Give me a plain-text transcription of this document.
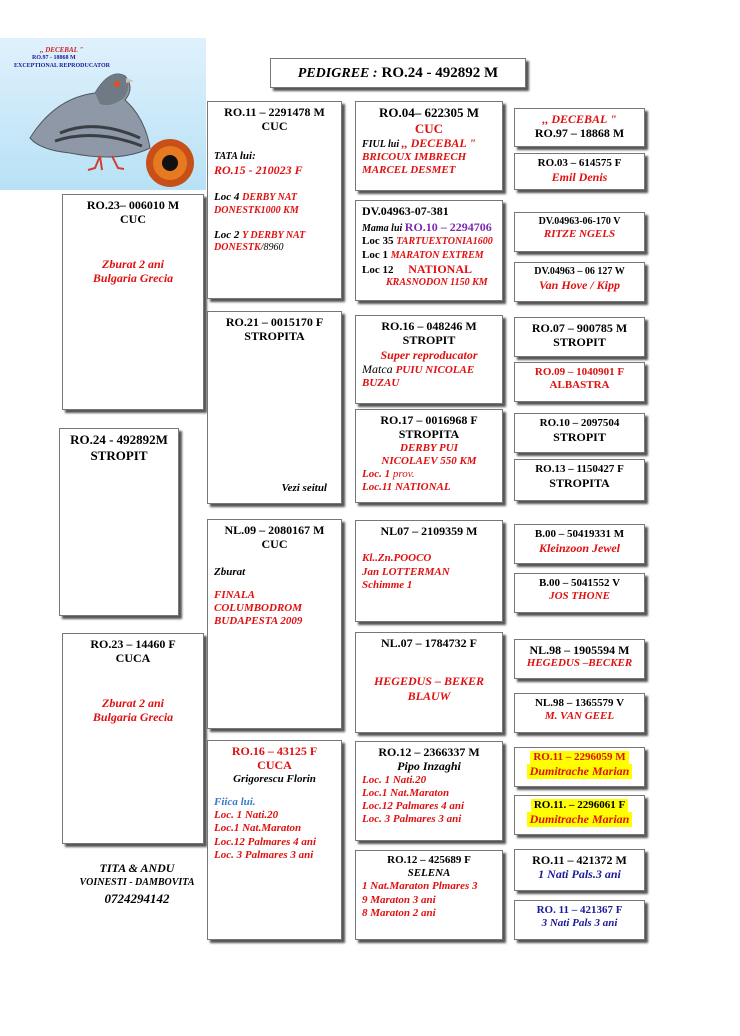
,, DECEBAL "
RO.97 - 18868 M
EXCEPTIONAL REPRODUCATOR	PEDIGREE : RO.24 - 492892 M
RO.23– 006010 M
CUC
Zburat 2 ani
Bulgaria Grecia
RO.24 - 492892M
STROPIT
RO.23 – 14460 F
CUCA
Zburat 2 ani
Bulgaria Grecia
RO.11 – 2291478 M
CUC
TATA lui:
RO.15 - 210023 F
Loc 4 DERBY NAT
DONESTK1000 KM
Loc 2 Y DERBY NAT
DONESTK/8960
RO.21 – 0015170 F
STROPITA
Vezi seitul
NL.09 – 2080167 M
CUC
Zburat
FINALA
COLUMBODROM
BUDAPESTA 2009
RO.16 – 43125 F
CUCA
Grigorescu Florin
Fiica lui.
Loc. 1 Nati.20
Loc.1 Nat.Maraton
Loc.12 Palmares 4 ani
Loc. 3 Palmares 3 ani
RO.04– 622305 M
CUC
FIUL lui ,, DECEBAL "
BRICOUX IMBRECH
MARCEL DESMET
DV.04963-07-381
Mama lui RO.10 – 2294706
Loc 35 TARTUEXTONIA1600
Loc 1 MARATON EXTREM
Loc 12 NATIONAL
KRASNODON 1150 KM
RO.16 – 048246 M
STROPIT
Super reproducator
Matca PUIU NICOLAE
BUZAU
RO.17 – 0016968 F
STROPITA
DERBY PUI
NICOLAEV 550 KM
Loc. 1 prov.
Loc.11 NATIONAL
NL07 – 2109359 M
Kl..Zn.POOCO
Jan LOTTERMAN
Schimme 1
NL.07 – 1784732 F
HEGEDUS – BEKER
BLAUW
RO.12 – 2366337 M
Pipo Inzaghi
Loc. 1 Nati.20
Loc.1 Nat.Maraton
Loc.12 Palmares 4 ani
Loc. 3 Palmares 3 ani
RO.12 – 425689 F
SELENA
1 Nat.Maraton Plmares 3
9 Maraton 3 ani
8 Maraton 2 ani
,, DECEBAL "
RO.97 – 18868 M
RO.03 – 614575 F
Emil Denis
DV.04963-06-170 V
RITZE NGELS
DV.04963 – 06 127 W
Van Hove / Kipp
RO.07 – 900785 M
STROPIT
RO.09 – 1040901 F
ALBASTRA
RO.10 – 2097504
STROPIT
RO.13 – 1150427 F
STROPITA
B.00 – 50419331 M
Kleinzoon Jewel
B.00 – 5041552 V
JOS THONE
NL.98 – 1905594 M
HEGEDUS –BECKER
NL.98 – 1365579 V
M. VAN GEEL
RO.11 – 2296059 M
Dumitrache Marian
RO.11. – 2296061 F
Dumitrache Marian
RO.11 – 421372 M
1 Nati Pals.3 ani
RO. 11 – 421367 F
3 Nati Pals 3 ani
TITA & ANDU
VOINESTI - DAMBOVITA
0724294142
